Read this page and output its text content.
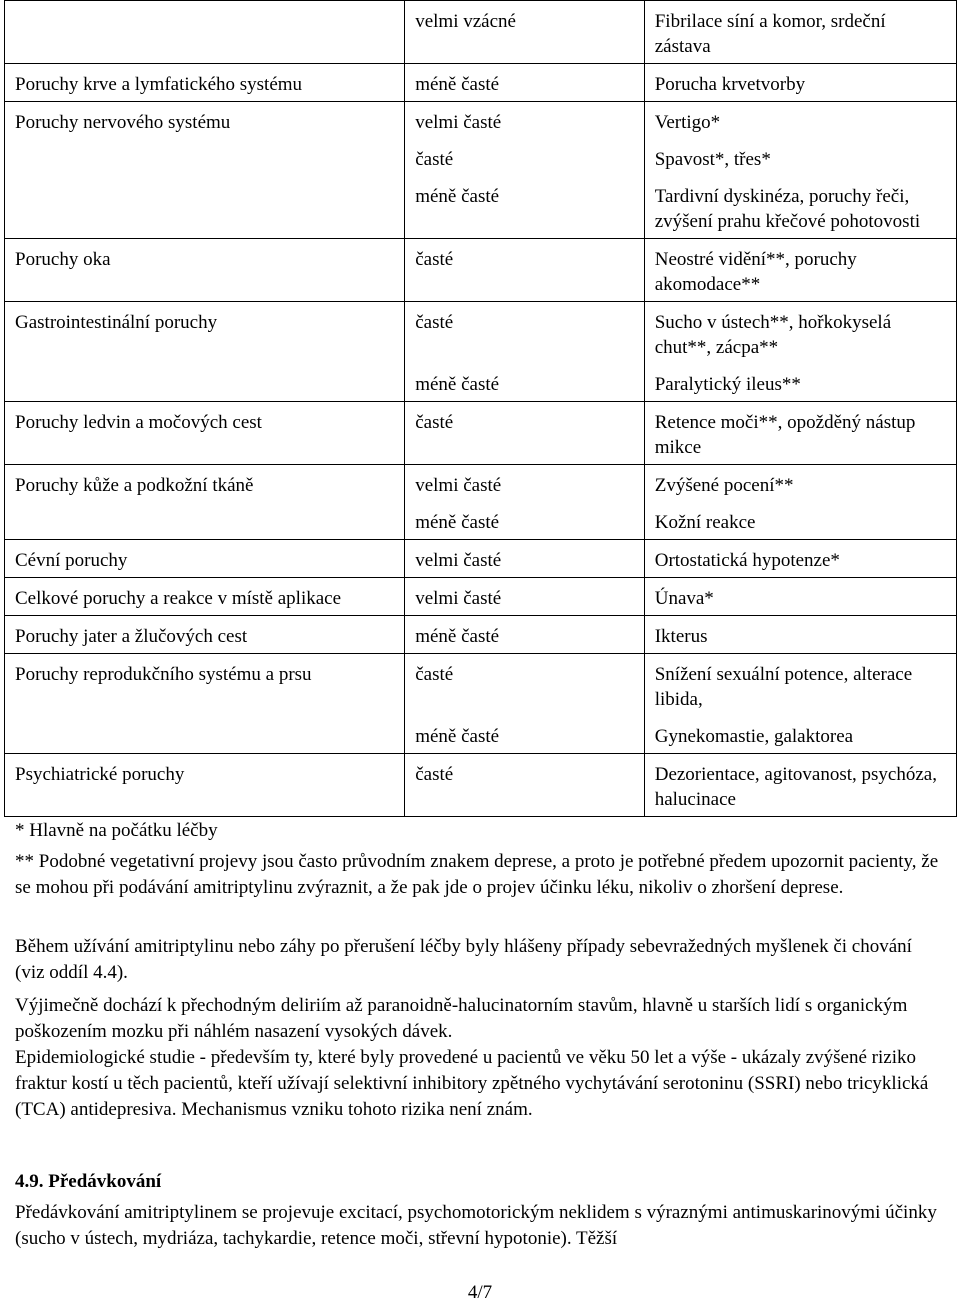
	velmi vzácné	Fibrilace síní a komor, srdeční zástava
Poruchy krve a lymfatického systému	méně časté	Porucha krvetvorby
Poruchy nervového systému	velmi časté	Vertigo*
	časté	Spavost*, třes*
	méně časté	Tardivní dyskinéza, poruchy řeči, zvýšení prahu křečové pohotovosti
Poruchy oka	časté	Neostré vidění**, poruchy akomodace**
Gastrointestinální poruchy	časté	Sucho v ústech**, hořkokyselá chut**, zácpa**
	méně časté	Paralytický ileus**
Poruchy ledvin a močových cest	časté	Retence moči**, opožděný nástup mikce
Poruchy kůže a podkožní tkáně	velmi časté	Zvýšené pocení**
	méně časté	Kožní reakce
Cévní poruchy	velmi časté	Ortostatická hypotenze*
Celkové poruchy a reakce v místě aplikace	velmi časté	Únava*
Poruchy jater a žlučových cest	méně časté	Ikterus
Poruchy reprodukčního systému a prsu	časté	Snížení sexuální potence, alterace libida,
	méně časté	Gynekomastie, galaktorea
Psychiatrické poruchy	časté	Dezorientace, agitovanost, psychóza, halucinace

* Hlavně na počátku léčby

** Podobné vegetativní projevy jsou často průvodním znakem deprese, a proto je potřebné předem upozornit pacienty, že se mohou při podávání amitriptylinu zvýraznit, a že pak jde o projev účinku léku, nikoliv o zhoršení deprese.

Během užívání amitriptylinu nebo záhy po přerušení léčby byly hlášeny případy sebevražedných myšlenek či chování (viz oddíl 4.4).

Výjimečně dochází k přechodným deliriím až paranoidně-halucinatorním stavům, hlavně u starších lidí s organickým poškozením mozku při náhlém nasazení vysokých dávek.

Epidemiologické studie - především ty, které byly provedené u pacientů ve věku 50 let a výše - ukázaly zvýšené riziko fraktur kostí u těch pacientů, kteří užívají selektivní inhibitory zpětného vychytávání serotoninu (SSRI) nebo tricyklická (TCA) antidepresiva. Mechanismus vzniku tohoto rizika není znám.

4.9. Předávkování

Předávkování amitriptylinem se projevuje excitací, psychomotorickým neklidem s výraznými antimuskarinovými účinky (sucho v ústech, mydriáza, tachykardie, retence moči, střevní hypotonie). Těžší

4/7
